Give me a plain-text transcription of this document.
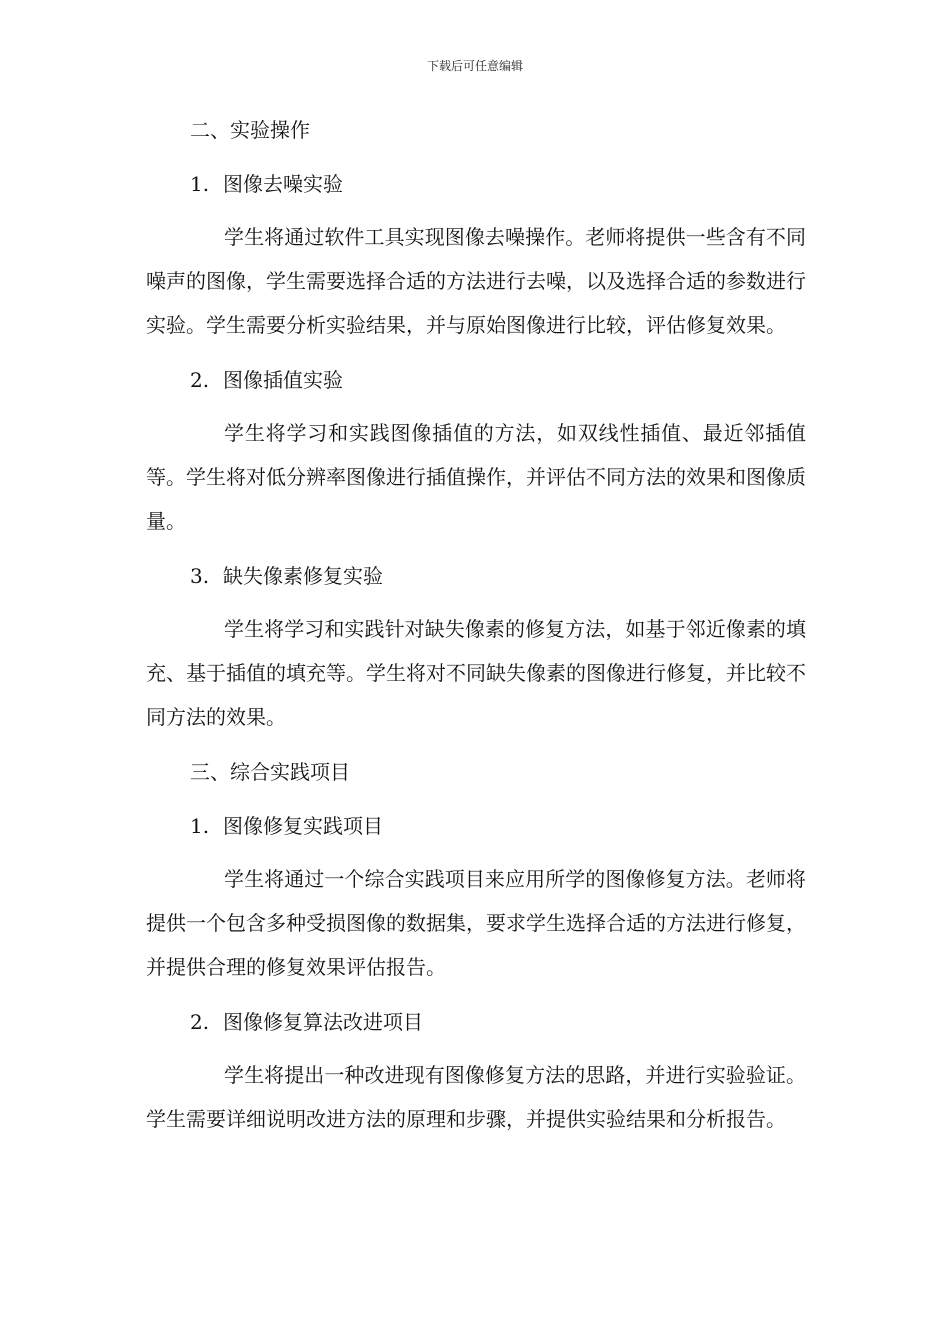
下载后可任意编辑

二、实验操作

1. 图像去噪实验

学生将通过软件工具实现图像去噪操作。老师将提供一些含有不同噪声的图像，学生需要选择合适的方法进行去噪，以及选择合适的参数进行实验。学生需要分析实验结果，并与原始图像进行比较，评估修复效果。

2. 图像插值实验

学生将学习和实践图像插值的方法，如双线性插值、最近邻插值等。学生将对低分辨率图像进行插值操作，并评估不同方法的效果和图像质量。

3. 缺失像素修复实验

学生将学习和实践针对缺失像素的修复方法，如基于邻近像素的填充、基于插值的填充等。学生将对不同缺失像素的图像进行修复，并比较不同方法的效果。

三、综合实践项目

1. 图像修复实践项目

学生将通过一个综合实践项目来应用所学的图像修复方法。老师将提供一个包含多种受损图像的数据集，要求学生选择合适的方法进行修复，并提供合理的修复效果评估报告。

2. 图像修复算法改进项目

学生将提出一种改进现有图像修复方法的思路，并进行实验验证。学生需要详细说明改进方法的原理和步骤，并提供实验结果和分析报告。
